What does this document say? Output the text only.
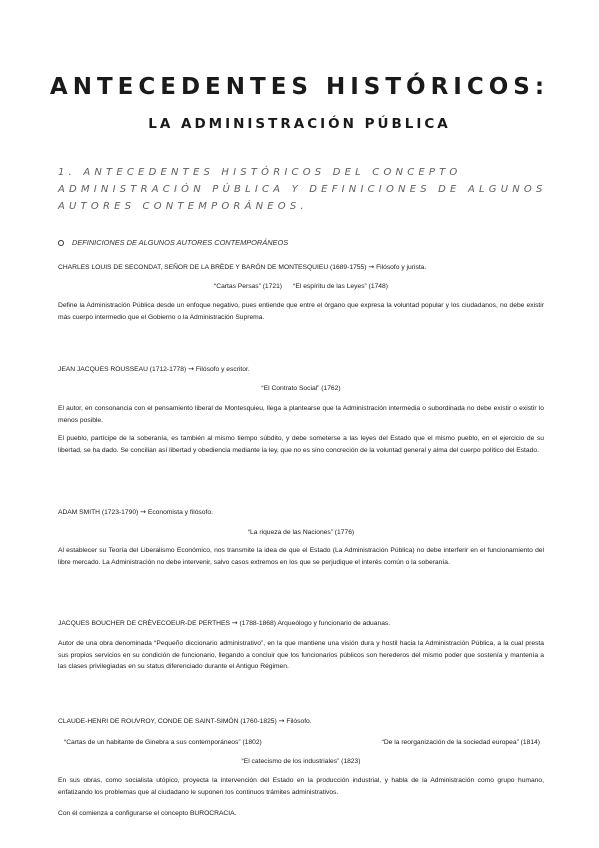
ANTECEDENTES HISTÓRICOS:
LA ADMINISTRACIÓN PÚBLICA
1. ANTECEDENTES HISTÓRICOS DEL CONCEPTO ADMINISTRACIÓN PÚBLICA Y DEFINICIONES DE ALGUNOS AUTORES CONTEMPORÁNEOS.
DEFINICIONES DE ALGUNOS AUTORES CONTEMPORÁNEOS
CHARLES LOUIS DE SECONDAT, SEÑOR DE LA BRÈDE Y BARÓN DE MONTESQUIEU (1689-1755) → Filósofo y jurista.
“Cartas Persas” (1721)      “El espíritu de las Leyes” (1748)

Define la Administración Pública desde un enfoque negativo, pues entiende que entre el órgano que expresa la voluntad popular y los ciudadanos, no debe existir más cuerpo intermedio que el Gobierno o la Administración Suprema.

JEAN JACQUES ROUSSEAU (1712-1778) → Filósofo y escritor.
“El Contrato Social” (1762)

El autor, en consonancia con el pensamiento liberal de Montesquieu, llega a plantearse que la Administración intermedia o subordinada no debe existir o existir lo menos posible.

El pueblo, partícipe de la soberanía, es también al mismo tiempo súbdito, y debe someterse a las leyes del Estado que el mismo pueblo, en el ejercicio de su libertad, se ha dado. Se concilian así libertad y obediencia mediante la ley, que no es sino concreción de la voluntad general y alma del cuerpo político del Estado.

ADAM SMITH (1723-1790) → Economista y filósofo.
“La riqueza de las Naciones” (1776)

Al establecer su Teoría del Liberalismo Económico, nos transmite la idea de que el Estado (La Administración Pública) no debe interferir en el funcionamiento del libre mercado. La Administración no debe intervenir, salvo casos extremos en los que se perjudique el interés común o la soberanía.

JACQUES BOUCHER DE CRÈVECOEUR-DE PERTHES → (1788-1868) Arqueólogo y funcionario de aduanas.

Autor de una obra denominada “Pequeño diccionario administrativo”, en la que mantiene una visión dura y hostil hacia la Administración Pública, a la cual presta sus propios servicios en su condición de funcionario, llegando a concluir que los funcionarios públicos son herederos del mismo poder que sostenía y mantenía a las clases privilegiadas en su status diferenciado durante el Antiguo Régimen.

CLAUDE-HENRI DE ROUVROY, CONDE DE SAINT-SIMÓN (1760-1825) → Filósofo.
“Cartas de un habitante de Ginebra a sus contemporáneos” (1802)	“De la reorganización de la sociedad europea” (1814)
“El catecismo de los industriales” (1823)

En sus obras, como socialista utópico, proyecta la intervención del Estado en la producción industrial, y habla de la Administración como grupo humano, enfatizando los problemas que al ciudadano le suponen los continuos trámites administrativos.

Con él comienza a configurarse el concepto BUROCRACIA.
